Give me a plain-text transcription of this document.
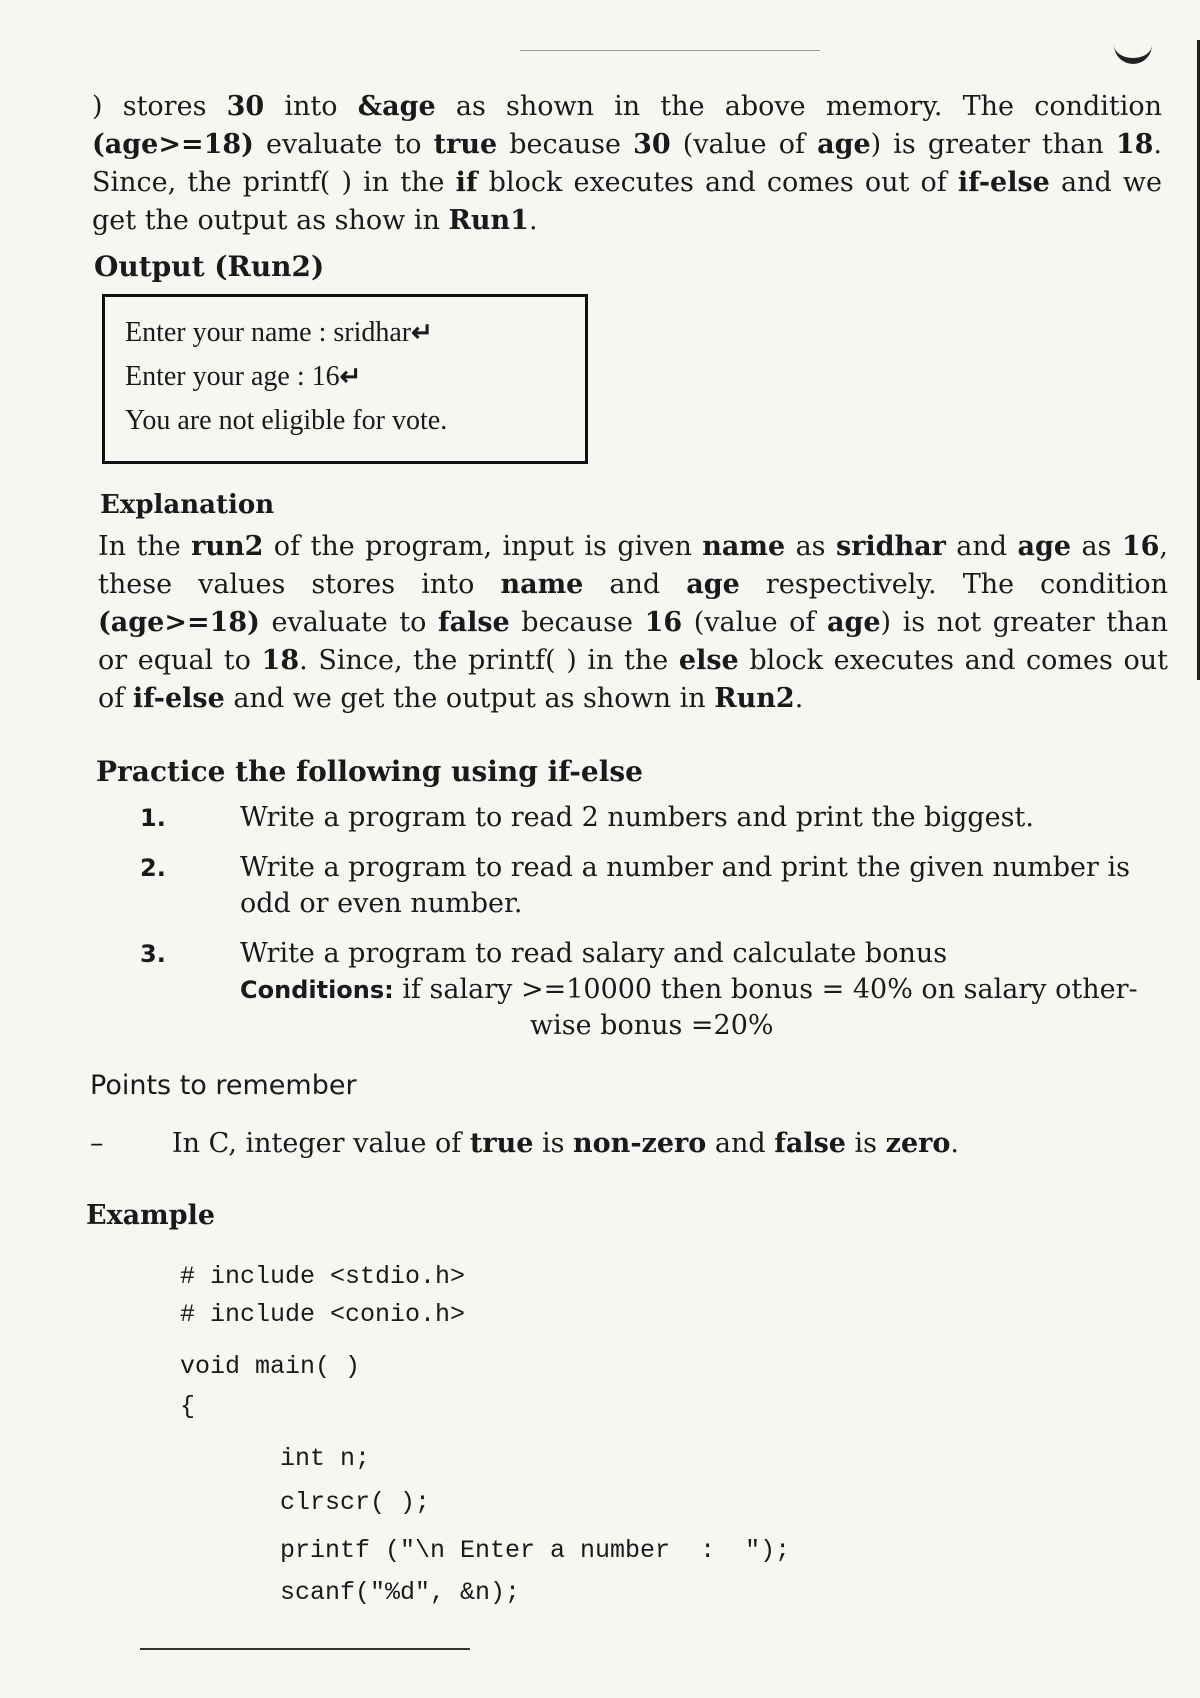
) stores 30 into &age as shown in the above memory. The condition (age>=18) evaluate to true because 30 (value of age) is greater than 18. Since, the printf( ) in the if block executes and comes out of if-else and we get the output as show in Run1.
Output (Run2)
Enter your name : sridhar↵
Enter your age : 16↵
You are not eligible for vote.
Explanation
In the run2 of the program, input is given name as sridhar and age as 16, these values stores into name and age respectively. The condition (age>=18) evaluate to false because 16 (value of age) is not greater than or equal to 18. Since, the printf( ) in the else block executes and comes out of if-else and we get the output as shown in Run2.
Practice the following using if-else
1.	Write a program to read 2 numbers and print the biggest.
2.	Write a program to read a number and print the given number is odd or even number.
3.	Write a program to read salary and calculate bonus
Conditions: if salary >=10000 then bonus = 40% on salary other-
wise bonus =20%
Points to remember
–	In C, integer value of true is non-zero and false is zero.
Example
# include <stdio.h>
# include <conio.h>
void main( )
{
int n;
clrscr( );
printf ("\n Enter a number  :  ");
scanf("%d", &n);
